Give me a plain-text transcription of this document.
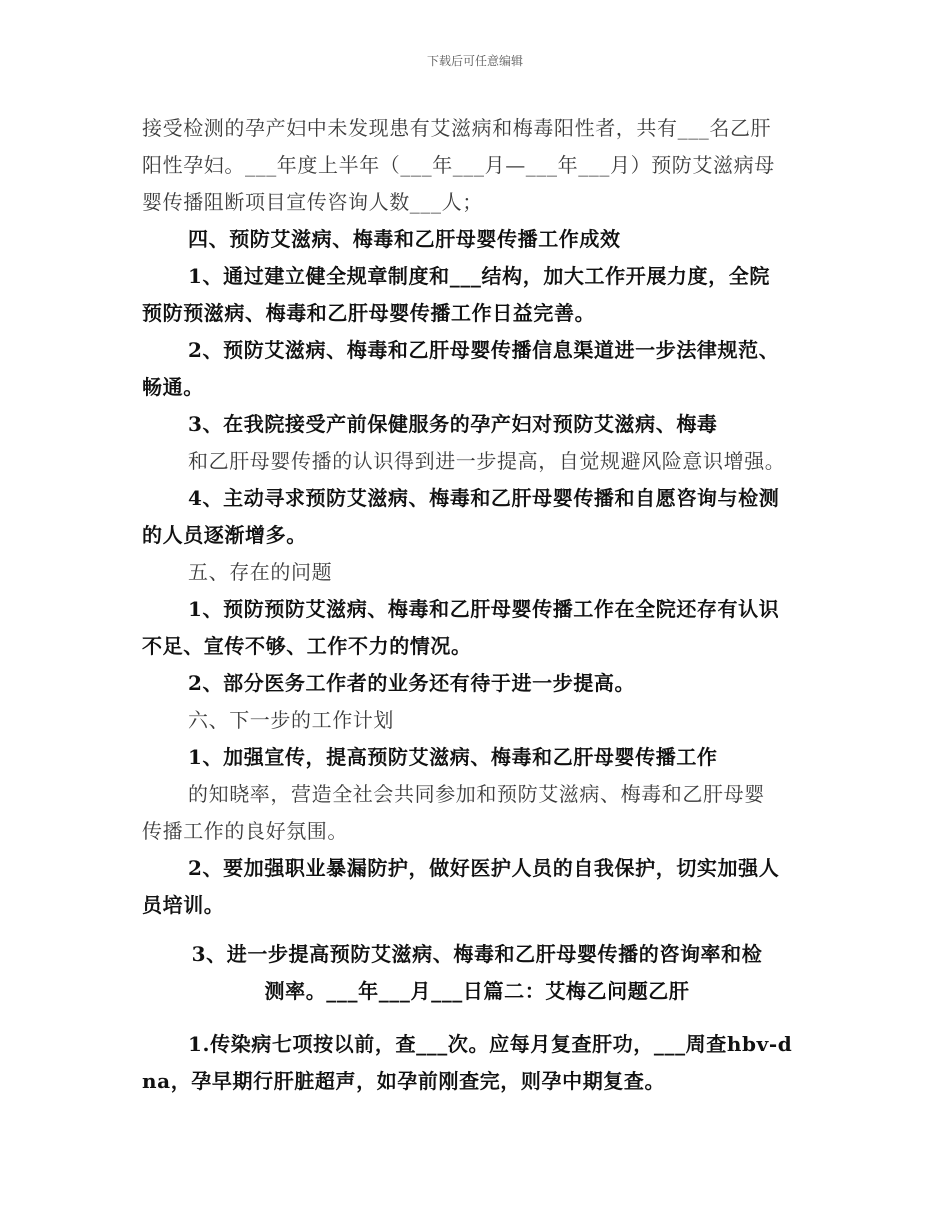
下载后可任意编辑
接受检测的孕产妇中未发现患有艾滋病和梅毒阳性者，共有___名乙肝
阳性孕妇。___年度上半年（___年___月—___年___月）预防艾滋病母
婴传播阻断项目宣传咨询人数___人；
四、预防艾滋病、梅毒和乙肝母婴传播工作成效
1、通过建立健全规章制度和___结构，加大工作开展力度，全院
预防预滋病、梅毒和乙肝母婴传播工作日益完善。
2、预防艾滋病、梅毒和乙肝母婴传播信息渠道进一步法律规范、
畅通。
3、在我院接受产前保健服务的孕产妇对预防艾滋病、梅毒
和乙肝母婴传播的认识得到进一步提高，自觉规避风险意识增强。
4、主动寻求预防艾滋病、梅毒和乙肝母婴传播和自愿咨询与检测
的人员逐渐增多。
五、存在的问题
1、预防预防艾滋病、梅毒和乙肝母婴传播工作在全院还存有认识
不足、宣传不够、工作不力的情况。
2、部分医务工作者的业务还有待于进一步提高。
六、下一步的工作计划
1、加强宣传，提高预防艾滋病、梅毒和乙肝母婴传播工作
的知晓率，营造全社会共同参加和预防艾滋病、梅毒和乙肝母婴
传播工作的良好氛围。
2、要加强职业暴漏防护，做好医护人员的自我保护，切实加强人
员培训。
3、进一步提高预防艾滋病、梅毒和乙肝母婴传播的咨询率和检
测率。___年___月___日篇二：艾梅乙问题乙肝
1.传染病七项按以前，查___次。应每月复查肝功，___周查hbv-d
na，孕早期行肝脏超声，如孕前刚查完，则孕中期复查。
